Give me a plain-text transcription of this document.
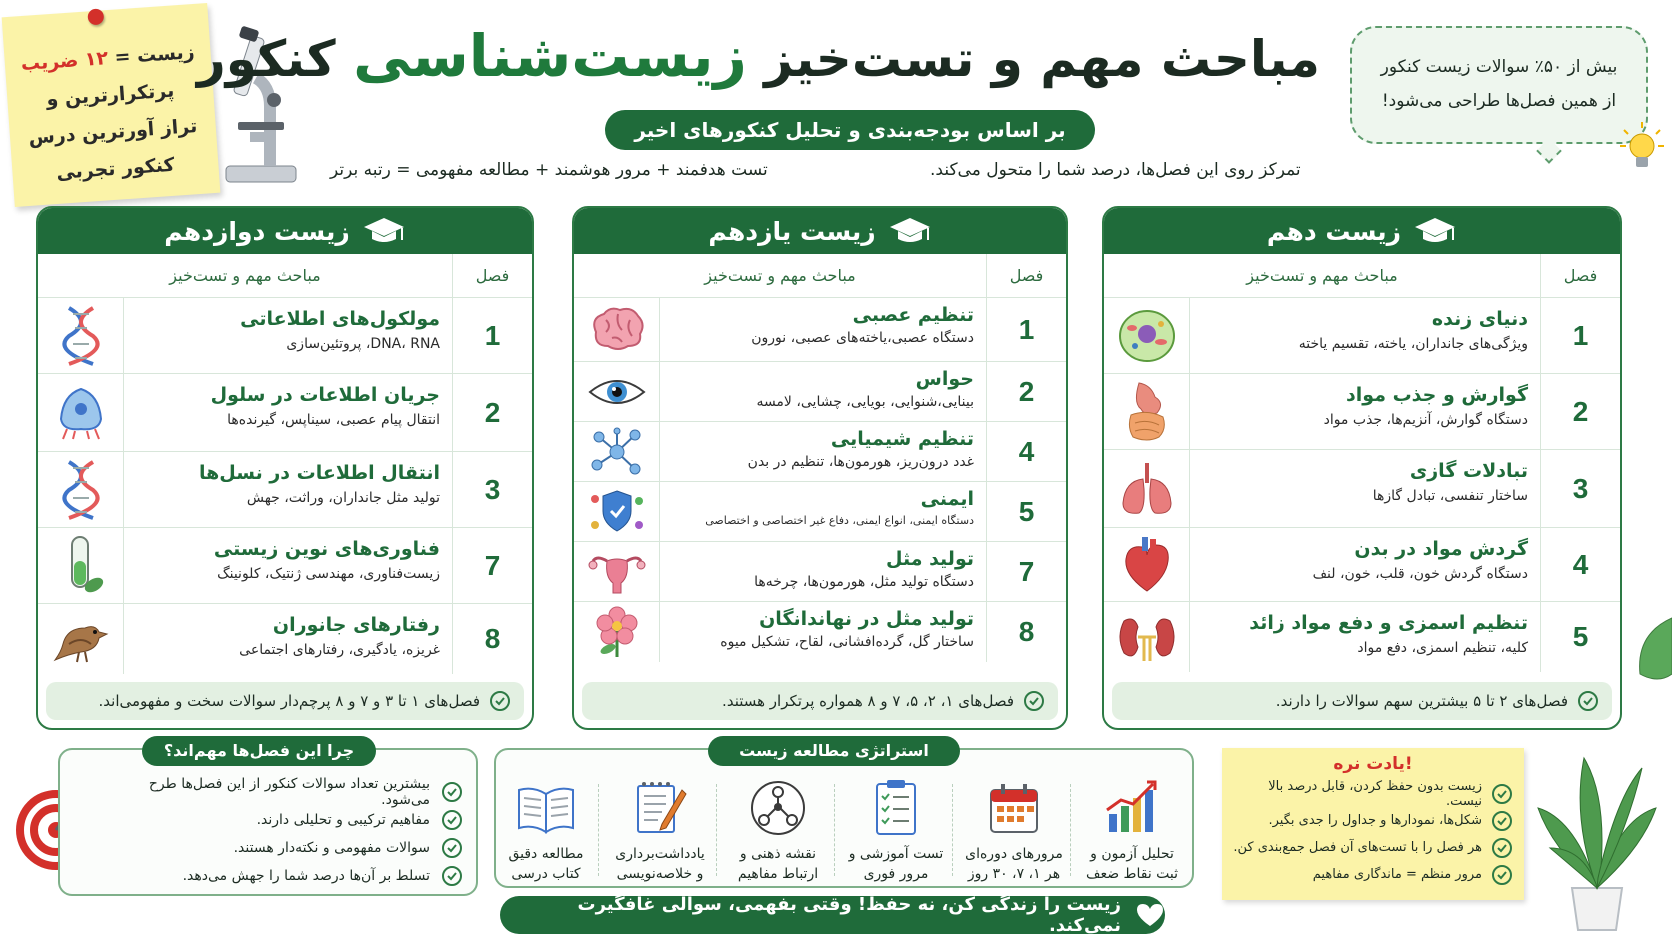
زیست = ۱۲ ضریب
پرتکرارترین و
تراز آورترین درس
کنکور تجربی
مباحث مهم و تست‌خیز زیست‌شناسی کنکور
بر اساس بودجه‌بندی و تحلیل کنکورهای اخیر
تست هدفمند + مرور هوشمند + مطالعه مفهومی = رتبه برتر	تمرکز روی این فصل‌ها، درصد شما را متحول می‌کند.
بیش از ۵۰٪ سوالات زیست کنکور
از همین فصل‌ها طراحی می‌شود!
زیست دهم
فصل
مباحث مهم و تست‌خیز
1
دنیای زنده
ویژگی‌های جانداران، یاخته، تقسیم یاخته
2
گوارش و جذب مواد
دستگاه گوارش، آنزیم‌ها، جذب مواد
3
تبادلات گازی
ساختار تنفسی، تبادل گازها
4
گردش مواد در بدن
دستگاه گردش خون، قلب، خون، لنف
5
تنظیم اسمزی و دفع مواد زائد
کلیه، تنظیم اسمزی، دفع مواد
فصل‌های ۲ تا ۵ بیشترین سهم سوالات را دارند.
زیست یازدهم
فصل
مباحث مهم و تست‌خیز
1
تنظیم عصبی
دستگاه عصبی،یاخته‌های عصبی، نورون
2
حواس
بینایی،شنوایی، بویایی، چشایی، لامسه
4
تنظیم شیمیایی
غدد درون‌ریز، هورمون‌ها، تنظیم در بدن
5
ایمنی
دستگاه ایمنی، انواع ایمنی، دفاع غیر اختصاصی و اختصاصی
7
تولید مثل
دستگاه تولید مثل، هورمون‌ها، چرخه‌ها
8
تولید مثل در نهاندانگان
ساختار گل، گرده‌افشانی، لقاح، تشکیل میوه
فصل‌های ۱، ۲، ۵، ۷ و ۸ همواره پرتکرار هستند.
زیست دوازدهم
فصل
مباحث مهم و تست‌خیز
1
مولکول‌های اطلاعاتی
DNA، RNA، پروتئین‌سازی
2
جریان اطلاعات در سلول
انتقال پیام عصبی، سیناپس، گیرنده‌ها
3
انتقال اطلاعات در نسل‌ها
تولید مثل جانداران، وراثت، جهش
7
فناوری‌های نوین زیستی
زیست‌فناوری، مهندسی ژنتیک، کلونینگ
8
رفتارهای جانوران
غریزه، یادگیری، رفتارهای اجتماعی
فصل‌های ۱ تا ۳ و ۷ و ۸ پرچم‌دار سوالات سخت و مفهومی‌اند.
چرا این فصل‌ها مهم‌اند؟
بیشترین تعداد سوالات کنکور از این فصل‌ها طرح می‌شود.
مفاهیم ترکیبی و تحلیلی دارند.
سوالات مفهومی و نکته‌دار هستند.
تسلط بر آن‌ها درصد شما را جهش می‌دهد.
استراتژی مطالعه زیست
تحلیل آزمون و
ثبت نقاط ضعف
مرورهای دوره‌ای
هر ۱، ۷، ۳۰ روز
تست آموزشی و
مرور فوری
نقشه ذهنی و
ارتباط مفاهیم
یادداشت‌برداری
و خلاصه‌نویسی
مطالعه دقیق
کتاب درسی
یادت نره!
زیست بدون حفظ کردن، قابل درصد بالا نیست.
شکل‌ها، نمودارها و جداول را جدی بگیر.
هر فصل را با تست‌های آن فصل جمع‌بندی کن.
مرور منظم = ماندگاری مفاهیم
زیست را زندگی کن، نه حفظ! وقتی بفهمی، سوالی غافگیرت نمی‌کند.
